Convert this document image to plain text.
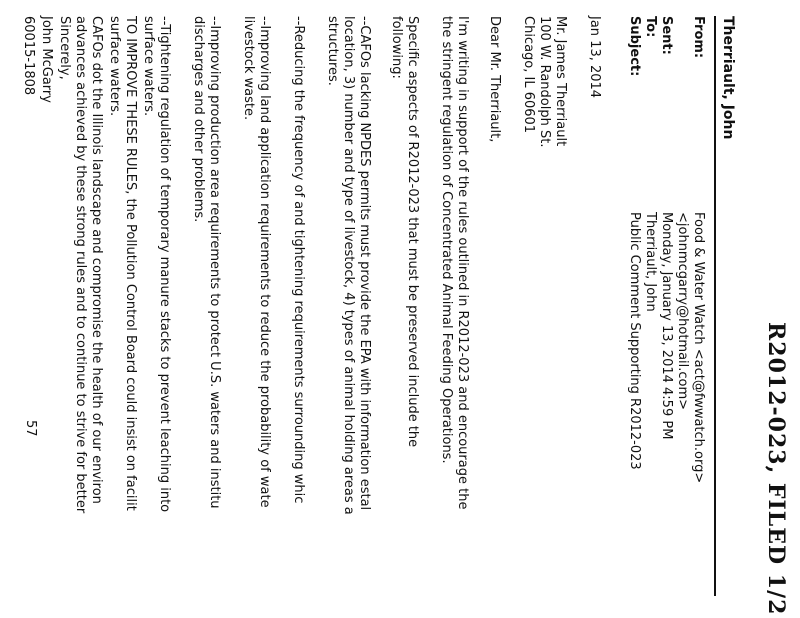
R2012-023, FILED 1/2
Therriault, John
From:
Food & Water Watch <act@fwwatch.org>
<johnmcgarry@hotmail.com>
Sent:
Monday, January 13, 2014 4:59 PM
To:
Therriault, John
Subject:
Public Comment Supporting R2012-023
Jan 13, 2014
Mr. James Therriault
100 W. Randolph St.
Chicago, IL 60601
Dear Mr. Therriault,
I'm writing in support of the rules outlined in R2012-023 and encourage the
the stringent regulation of Concentrated Animal Feeding Operations.
Specific aspects of R2012-023 that must be preserved include the
following:
--CAFOs lacking NPDES permits must provide the EPA with information estal
location, 3) number and type of livestock, 4) types of animal holding areas a
structures.
--Reducing the frequency of and tightening requirements surrounding whic
--Improving land application requirements to reduce the probability of wate
livestock waste.
--Improving production area requirements to protect U.S. waters and institu
discharges and other problems.
--Tightening regulation of temporary manure stacks to prevent leaching into
surface waters.
TO IMPROVE THESE RULES, the Pollution Control Board could insist on facilit
surface waters.
CAFOs dot the Illinois landscape and compromise the health of our environ
advances achieved by these strong rules and to continue to strive for better
Sincerely,
John McGarry
60015-1808
57
